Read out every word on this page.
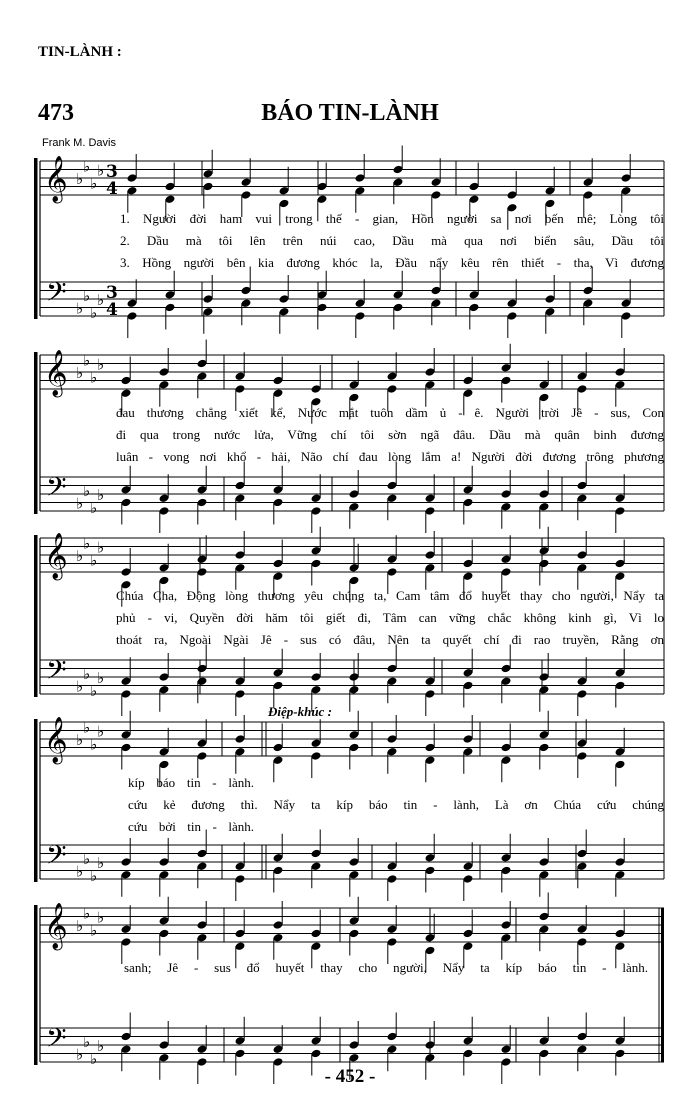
TIN-LÀNH :
473	BÁO TIN-LÀNH
Frank M. Davis
𝄞
𝄢
♭
♭
♭
♭
♭
♭
♭
♭
3
4
3
4
𝄞
𝄢
♭
♭
♭
♭
♭
♭
♭
♭
𝄞
𝄢
♭
♭
♭
♭
♭
♭
♭
♭
𝄞
𝄢
♭
♭
♭
♭
♭
♭
♭
♭
𝄞
𝄢
♭
♭
♭
♭
♭
♭
♭
♭
1. Người đời ham vui trong thế - gian, Hồn người sa nơi bến mê; Lòng tôi
2. Dầu mà tôi lên trên núi cao, Dầu mà qua nơi biển sâu, Dầu tôi
3. Hồng người bên kia đương khóc la, Đầu nẩy kêu rên thiết - tha, Vì đương
đau thương chẳng xiết kể, Nước mắt tuôn dầm ủ - ê. Người trời Jê - sus, Con
đi qua trong nước lửa, Vững chí tôi sờn ngã đâu. Dầu mà quân binh đương
luân - vong nơi khổ - hải, Não chí đau lòng lắm a! Người đời đương trông phương
Chúa Cha, Động lòng thương yêu chúng ta, Cam tâm đổ huyết thay cho người, Nẩy ta
phủ - vi, Quyền đời hăm tôi giết đi, Tâm can vững chắc không kinh gì, Vì lo
thoát ra, Ngoài Ngài Jê - sus có đâu, Nên ta quyết chí đi rao truyền, Rằng ơn
Điệp-khúc :
kíp báo tin - lành.
cứu kẻ đương thì. Nẩy ta kíp báo tin - lành, Là ơn Chúa cứu chúng
cứu bởi tin - lành.
sanh; Jê - sus đổ huyết thay cho người, Nẩy ta kíp báo tin - lành.
- 452 -
